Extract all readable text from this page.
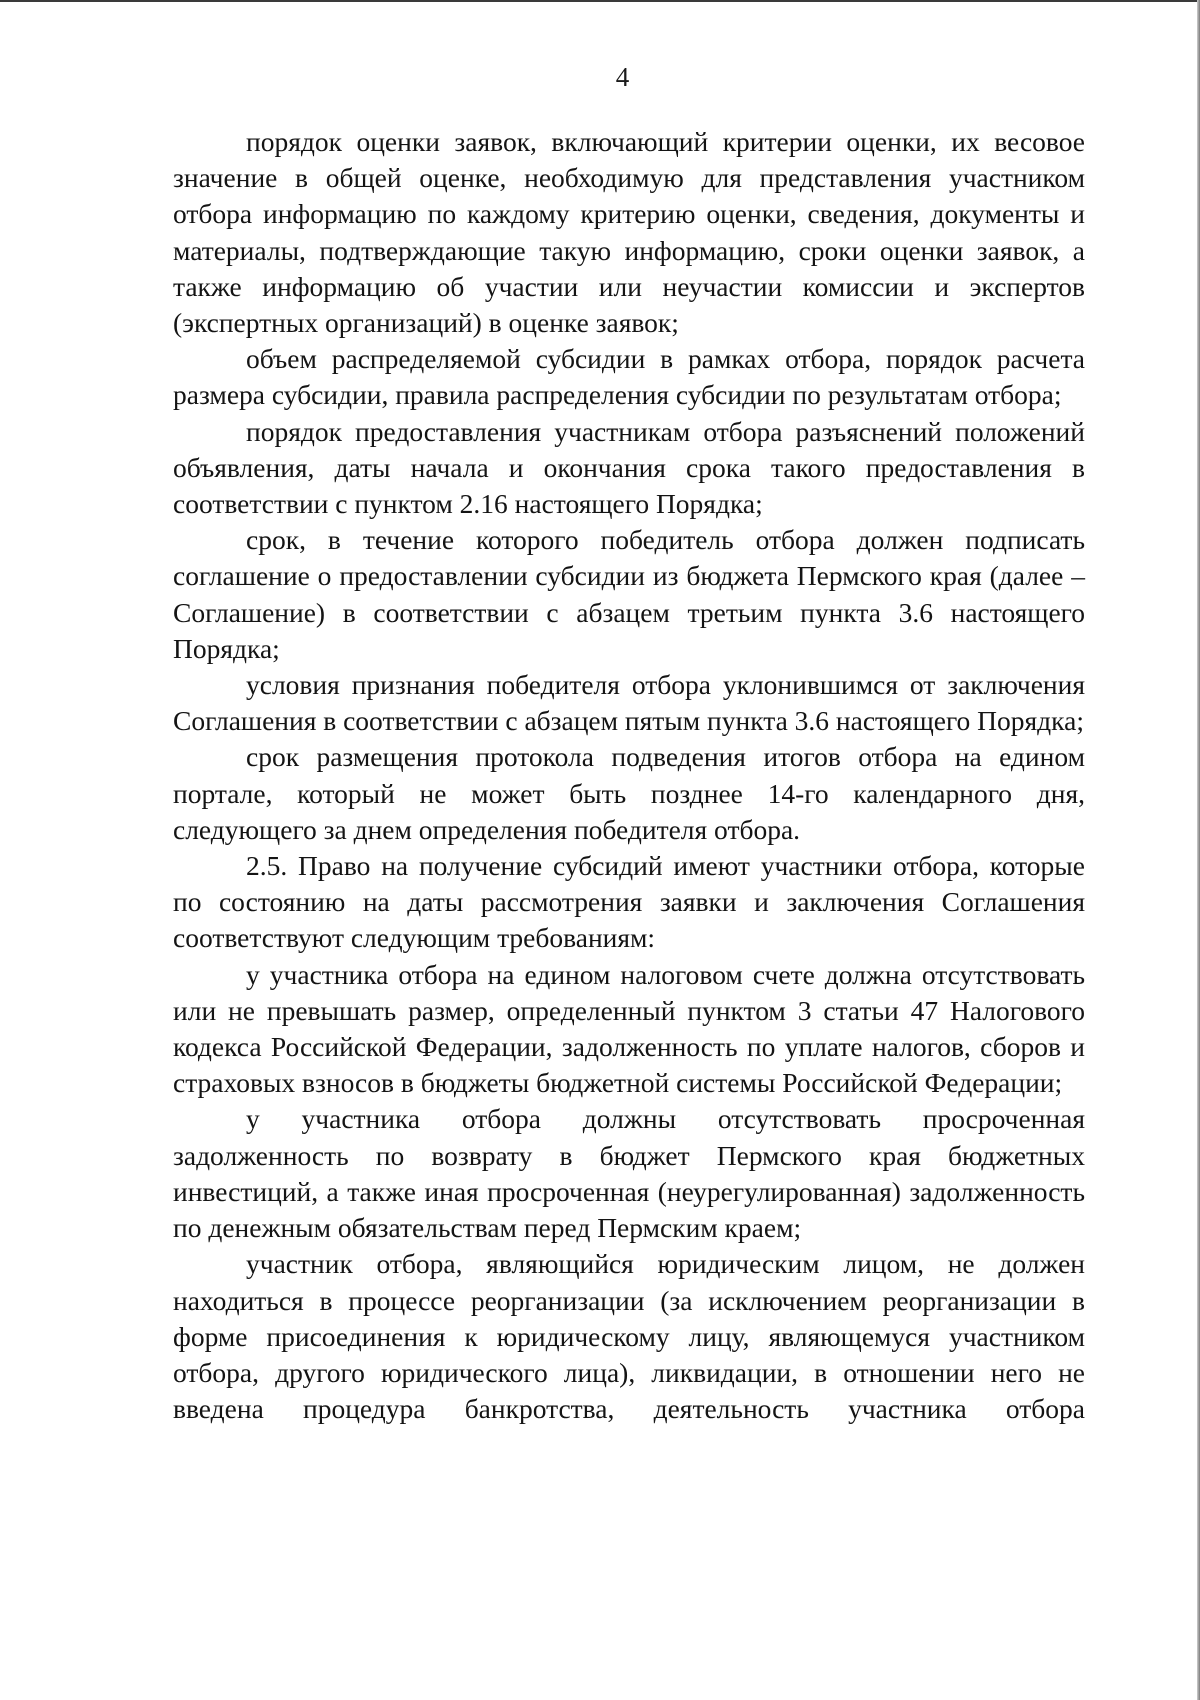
4

порядок оценки заявок, включающий критерии оценки, их весовое значение в общей оценке, необходимую для представления участником отбора информацию по каждому критерию оценки, сведения, документы и материалы, подтверждающие такую информацию, сроки оценки заявок, а также информацию об участии или неучастии комиссии и экспертов (экспертных организаций) в оценке заявок;

объем распределяемой субсидии в рамках отбора, порядок расчета размера субсидии, правила распределения субсидии по результатам отбора;

порядок предоставления участникам отбора разъяснений положений объявления, даты начала и окончания срока такого предоставления в соответствии с пунктом 2.16 настоящего Порядка;

срок, в течение которого победитель отбора должен подписать соглашение о предоставлении субсидии из бюджета Пермского края (далее – Соглашение) в соответствии с абзацем третьим пункта 3.6 настоящего Порядка;

условия признания победителя отбора уклонившимся от заключения Соглашения в соответствии с абзацем пятым пункта 3.6 настоящего Порядка;

срок размещения протокола подведения итогов отбора на едином портале, который не может быть позднее 14-го календарного дня, следующего за днем определения победителя отбора.

2.5. Право на получение субсидий имеют участники отбора, которые по состоянию на даты рассмотрения заявки и заключения Соглашения соответствуют следующим требованиям:

у участника отбора на едином налоговом счете должна отсутствовать или не превышать размер, определенный пунктом 3 статьи 47 Налогового кодекса Российской Федерации, задолженность по уплате налогов, сборов и страховых взносов в бюджеты бюджетной системы Российской Федерации;

у участника отбора должны отсутствовать просроченная задолженность по возврату в бюджет Пермского края бюджетных инвестиций, а также иная просроченная (неурегулированная) задолженность по денежным обязательствам перед Пермским краем;

участник отбора, являющийся юридическим лицом, не должен находиться в процессе реорганизации (за исключением реорганизации в форме присоединения к юридическому лицу, являющемуся участником отбора, другого юридического лица), ликвидации, в отношении него не введена процедура банкротства, деятельность участника отбора
